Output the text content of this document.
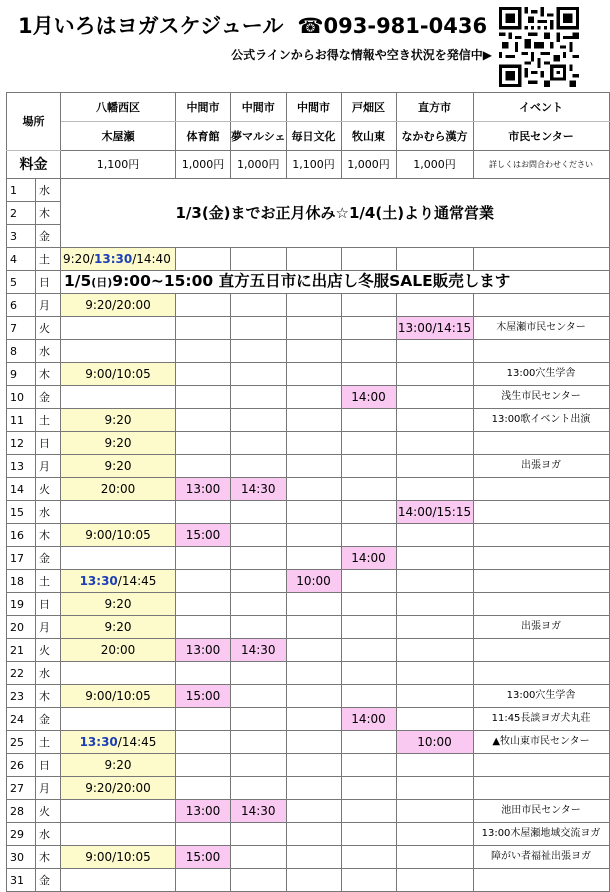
1月いろはヨガスケジュール ☎093-981-0436
公式ラインからお得な情報や空き状況を発信中▶
場所		八幡西区	中間市	中間市	中間市	戸畑区	直方市	イベント
		木屋瀬	体育館	夢マルシェ	毎日文化	牧山東	なかむら漢方	市民センター
料金		1,100円	1,000円	1,000円	1,100円	1,000円	1,000円	詳しくはお問合わせください
1	水	1/3(金)までお正月休み☆1/4(土)より通常営業						
2	木							
3	金							
4	土	9:20/13:30/14:40						
5	日	1/5(日)9:00~15:00 直方五日市に出店し冬服SALE販売します						
6	月	9:20/20:00						
7	火						13:00/14:15	木屋瀬市民センター
8	水							
9	木	9:00/10:05						13:00穴生学舎
10	金					14:00		浅生市民センター
11	土	9:20						13:00歌イベント出演
12	日	9:20						
13	月	9:20						出張ヨガ
14	火	20:00	13:00	14:30				
15	水						14:00/15:15	
16	木	9:00/10:05	15:00					
17	金					14:00		
18	土	13:30/14:45			10:00			
19	日	9:20						
20	月	9:20						出張ヨガ
21	火	20:00	13:00	14:30				
22	水							
23	木	9:00/10:05	15:00					13:00穴生学舎
24	金					14:00		11:45長談ヨガ犬丸荘
25	土	13:30/14:45					10:00	▲牧山東市民センター
26	日	9:20						
27	月	9:20/20:00						
28	火		13:00	14:30				池田市民センター
29	水							13:00木屋瀬地域交流ヨガ
30	木	9:00/10:05	15:00					障がい者福祉出張ヨガ
31	金							
